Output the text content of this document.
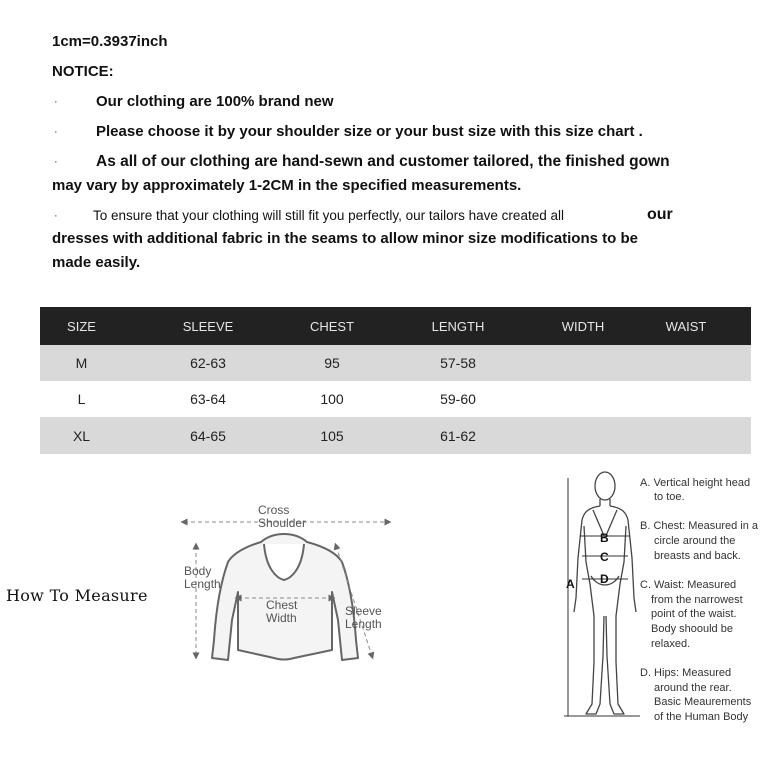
1cm=0.3937inch
NOTICE:
·	Our clothing are 100% brand new
·	Please choose it by your shoulder size or your bust size with this size chart .
· As all of our clothing are hand-sewn and customer tailored, the finished gown
may vary by approximately 1-2CM in the specified measurements.
·	To ensure that your clothing will still fit you perfectly, our tailors have created all	our
dresses with additional fabric in the seams to allow minor size modifications to be
made easily.
SIZE	SLEEVE	CHEST	LENGTH	WIDTH	WAIST
M	62-63	95	57-58		
L	63-64	100	59-60		
XL	64-65	105	61-62		
How To Measure
Cross
Shoulder
Body
Length
Chest
Width	Sleeve
Length
A
B
C
D
A. Vertical height head
to toe.
B. Chest: Measured in a
circle around the
breasts and back.
C. Waist: Measured
from the narrowest
point of the waist.
Body shoould be
relaxed.
D. Hips: Measured
around the rear.
Basic Meaurements
of the Human Body
